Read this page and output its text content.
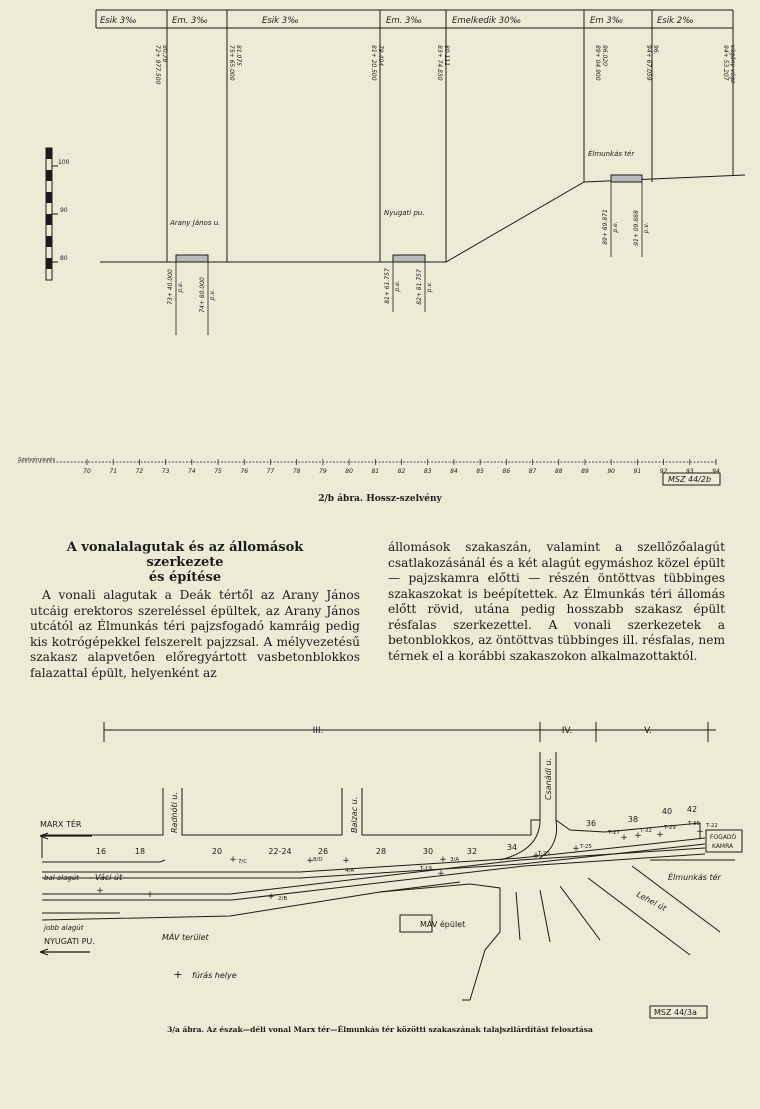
Esik 3‰	Em. 3‰	Esik 3‰	Em. 3‰	Emelkedik 30‰	Em 3‰	Esik 2‰
72+ 977.500 80.79	75+ 65.000 81.075	81+ 20.500 79.404	83+ 74.830 80.111	89+ 04.900 96.020	94+ 67.059 96.	94+ 53.207 vágány vége
100
90
80
Arany János u.
Nyugati pu.
Élmunkás tér
73+ 40.000 p.e.	74+ 80.000 p.v.	81+ 61.757 p.e.	82+ 81.757 p.v.
89+ 89.871 p.e. 91+ 09.888 p.v.
Szelvényezés
70	71	72	73	74	75	76	77	78	79	80	81	82	83	84	85	86	87	88	89	90	91	92	93	94
MSZ 44/2b
2/b ábra. Hossz-szelvény
A vonalalagutak és az állomások szerkezete
és építése

A vonali alagutak a Deák tértől az Arany János utcáig erektoros szereléssel épültek, az Arany János utcától az Élmunkás téri pajzsfogadó kamráig pedig kis kotrógépekkel felszerelt pajzzsal. A mélyvezetésű szakasz alapvetően előregyártott vasbetonblokkos falazattal épült, helyenként az

állomások szakaszán, valamint a szellőzőalagút csatlakozásánál és a két alagút egymáshoz közel épült — pajzskamra előtti — részén öntöttvas tübbinges szakaszokat is beépítettek. Az Élmunkás téri állomás előtt rövid, utána pedig hosszabb szakasz épült résfalas szerkezettel. A vonali szerkezetek a betonblokkos, az öntöttvas tübbinges ill. résfalas, nem térnek el a korábbi szakaszokon alkalmazottaktól.

III.	IV.	V.
FOGADÓ
KAMRA
Radnóti u.	Balzac u.
Csanádi u.
Váci út
Lehel út
Élmunkás tér
16	18	20	22-24	26	28	30	32	34
36	38
40 42
T-35 T-22
T-27	T-32 T-29
T-25
T-23
3/A
T-19
8/D
4/A
7/C
2/B
+
+ + +
+
+
+
+
+	+
+
+
+	+
MARX TÉR
bal alagút
jobb alagút
NYUGATI PU.	MÁV terület
MÁV épület
+ fúrás helye
MSZ 44/3a
3/a ábra. Az észak—déli vonal Marx tér—Élmunkás tér közötti szakaszának talajszilárdítási felosztása
